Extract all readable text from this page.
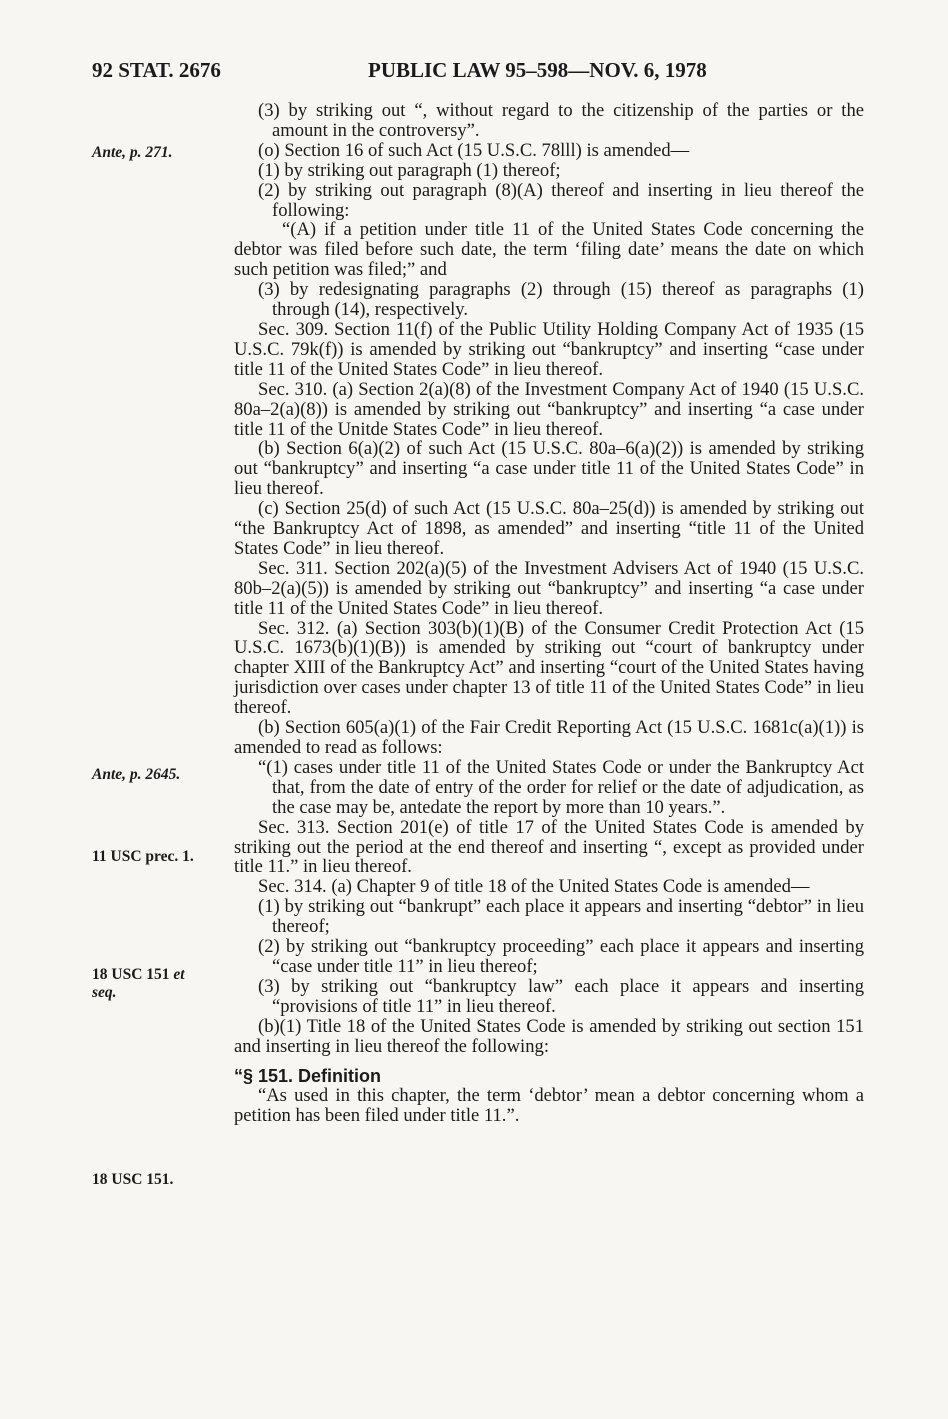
92 STAT. 2676	PUBLIC LAW 95–598—NOV. 6, 1978
Ante, p. 271.
Ante, p. 2645.
11 USC prec. 1.
18 USC 151 et
seq.
18 USC 151.

(3) by striking out “, without regard to the citizenship of the parties or the amount in the controversy”.

(o) Section 16 of such Act (15 U.S.C. 78lll) is amended—

(1) by striking out paragraph (1) thereof;

(2) by striking out paragraph (8)(A) thereof and inserting in lieu thereof the following:

“(A) if a petition under title 11 of the United States Code concerning the debtor was filed before such date, the term ‘filing date’ means the date on which such petition was filed;” and

(3) by redesignating paragraphs (2) through (15) thereof as paragraphs (1) through (14), respectively.

Sec. 309. Section 11(f) of the Public Utility Holding Company Act of 1935 (15 U.S.C. 79k(f)) is amended by striking out “bankruptcy” and inserting “case under title 11 of the United States Code” in lieu thereof.

Sec. 310. (a) Section 2(a)(8) of the Investment Company Act of 1940 (15 U.S.C. 80a–2(a)(8)) is amended by striking out “bankruptcy” and inserting “a case under title 11 of the Unitde States Code” in lieu thereof.

(b) Section 6(a)(2) of such Act (15 U.S.C. 80a–6(a)(2)) is amended by striking out “bankruptcy” and inserting “a case under title 11 of the United States Code” in lieu thereof.

(c) Section 25(d) of such Act (15 U.S.C. 80a–25(d)) is amended by striking out “the Bankruptcy Act of 1898, as amended” and inserting “title 11 of the United States Code” in lieu thereof.

Sec. 311. Section 202(a)(5) of the Investment Advisers Act of 1940 (15 U.S.C. 80b–2(a)(5)) is amended by striking out “bankruptcy” and inserting “a case under title 11 of the United States Code” in lieu thereof.

Sec. 312. (a) Section 303(b)(1)(B) of the Consumer Credit Protection Act (15 U.S.C. 1673(b)(1)(B)) is amended by striking out “court of bankruptcy under chapter XIII of the Bankruptcy Act” and inserting “court of the United States having jurisdiction over cases under chapter 13 of title 11 of the United States Code” in lieu thereof.

(b) Section 605(a)(1) of the Fair Credit Reporting Act (15 U.S.C. 1681c(a)(1)) is amended to read as follows:

“(1) cases under title 11 of the United States Code or under the Bankruptcy Act that, from the date of entry of the order for relief or the date of adjudication, as the case may be, antedate the report by more than 10 years.”.

Sec. 313. Section 201(e) of title 17 of the United States Code is amended by striking out the period at the end thereof and inserting “, except as provided under title 11.” in lieu thereof.

Sec. 314. (a) Chapter 9 of title 18 of the United States Code is amended—

(1) by striking out “bankrupt” each place it appears and inserting “debtor” in lieu thereof;

(2) by striking out “bankruptcy proceeding” each place it appears and inserting “case under title 11” in lieu thereof;

(3) by striking out “bankruptcy law” each place it appears and inserting “provisions of title 11” in lieu thereof.

(b)(1) Title 18 of the United States Code is amended by striking out section 151 and inserting in lieu thereof the following:

“§ 151. Definition

“As used in this chapter, the term ‘debtor’ mean a debtor concerning whom a petition has been filed under title 11.”.
